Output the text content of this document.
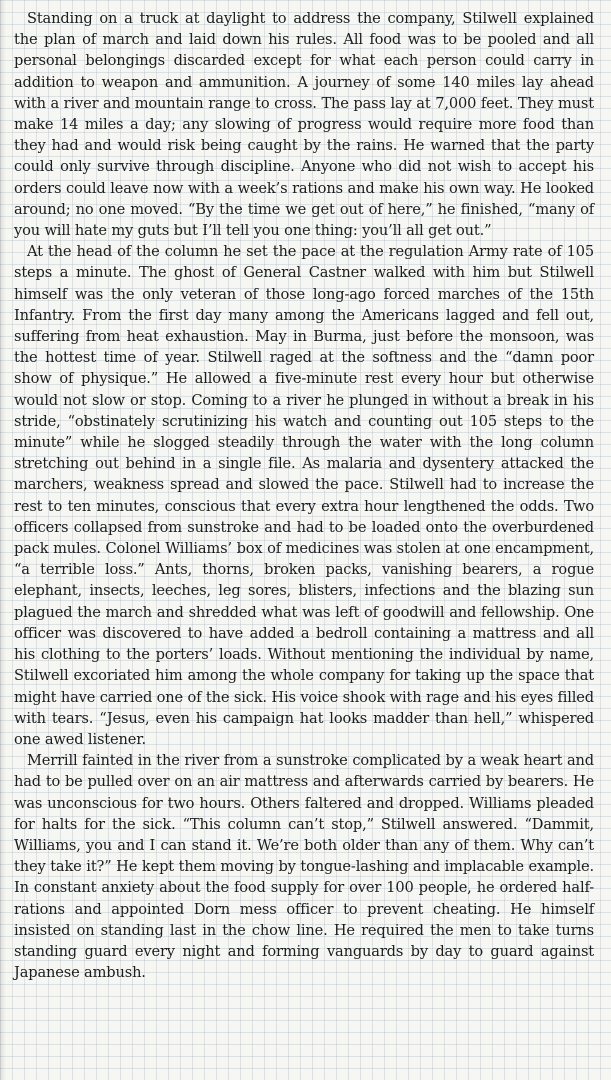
Standing on a truck at daylight to address the company, Stilwell explained the plan of march and laid down his rules. All food was to be pooled and all personal belongings discarded except for what each person could carry in addition to weapon and ammunition. A journey of some 140 miles lay ahead with a river and mountain range to cross. The pass lay at 7,000 feet. They must make 14 miles a day; any slowing of progress would require more food than they had and would risk being caught by the rains. He warned that the party could only survive through discipline. Anyone who did not wish to accept his orders could leave now with a week’s rations and make his own way. He looked around; no one moved. “By the time we get out of here,” he finished, “many of you will hate my guts but I’ll tell you one thing: you’ll all get out.”

At the head of the column he set the pace at the regulation Army rate of 105 steps a minute. The ghost of General Castner walked with him but Stilwell himself was the only veteran of those long-ago forced marches of the 15th Infantry. From the first day many among the Americans lagged and fell out, suffering from heat exhaustion. May in Burma, just before the monsoon, was the hottest time of year. Stilwell raged at the softness and the “damn poor show of physique.” He allowed a five-minute rest every hour but otherwise would not slow or stop. Coming to a river he plunged in without a break in his stride, “obstinately scrutinizing his watch and counting out 105 steps to the minute” while he slogged steadily through the water with the long column stretching out behind in a single file. As malaria and dysentery attacked the marchers, weakness spread and slowed the pace. Stilwell had to increase the rest to ten minutes, conscious that every extra hour lengthened the odds. Two officers collapsed from sunstroke and had to be loaded onto the overburdened pack mules. Colonel Williams’ box of medicines was stolen at one encampment, “a terrible loss.” Ants, thorns, broken packs, vanishing bearers, a rogue elephant, insects, leeches, leg sores, blisters, infections and the blazing sun plagued the march and shredded what was left of goodwill and fellowship. One officer was discovered to have added a bedroll containing a mattress and all his clothing to the porters’ loads. Without mentioning the individual by name, Stilwell excoriated him among the whole company for taking up the space that might have carried one of the sick. His voice shook with rage and his eyes filled with tears. “Jesus, even his campaign hat looks madder than hell,” whispered one awed listener.

Merrill fainted in the river from a sunstroke complicated by a weak heart and had to be pulled over on an air mattress and afterwards carried by bearers. He was unconscious for two hours. Others faltered and dropped. Williams pleaded for halts for the sick. “This column can’t stop,” Stilwell answered. “Dammit, Williams, you and I can stand it. We’re both older than any of them. Why can’t they take it?” He kept them moving by tongue-lashing and implacable example. In constant anxiety about the food supply for over 100 people, he ordered half-rations and appointed Dorn mess officer to prevent cheating. He himself insisted on standing last in the chow line. He required the men to take turns standing guard every night and forming vanguards by day to guard against Japanese ambush.
